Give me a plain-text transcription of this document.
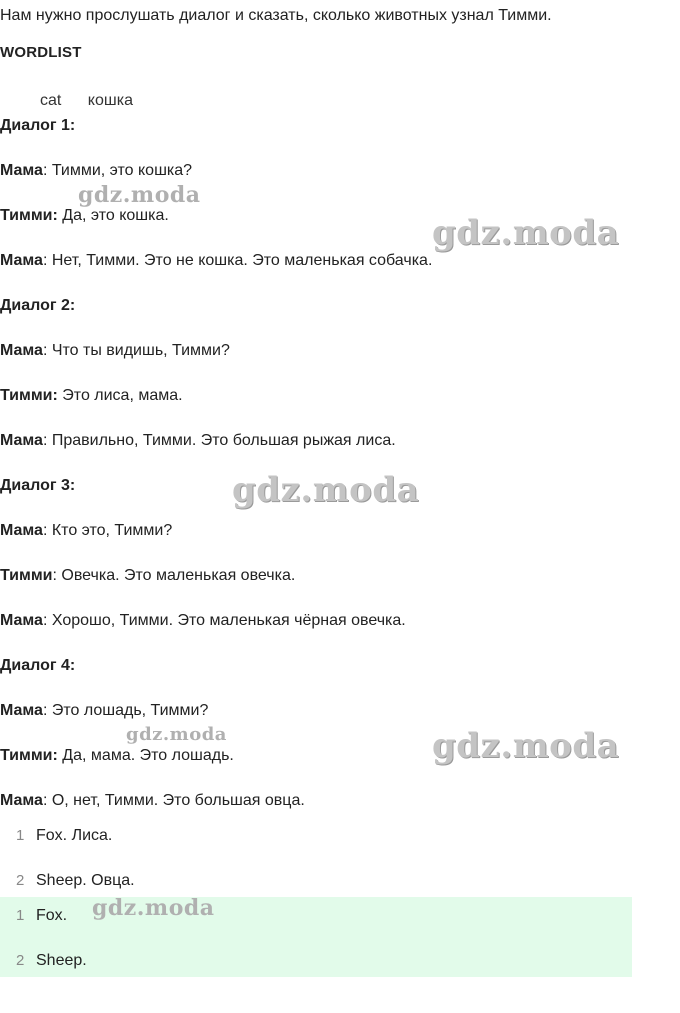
Нам нужно прослушать диалог и сказать, сколько животных узнал Тимми.
WORDLIST
cat кошка
Диалог 1:
Мама: Тимми, это кошка?
Тимми: Да, это кошка.
Мама: Нет, Тимми. Это не кошка. Это маленькая собачка.
Диалог 2:
Мама: Что ты видишь, Тимми?
Тимми: Это лиса, мама.
Мама: Правильно, Тимми. Это большая рыжая лиса.
Диалог 3:
Мама: Кто это, Тимми?
Тимми: Овечка. Это маленькая овечка.
Мама: Хорошо, Тимми. Это маленькая чёрная овечка.
Диалог 4:
Мама: Это лошадь, Тимми?
Тимми: Да, мама. Это лошадь.
Мама: О, нет, Тимми. Это большая овца.
1 Fox. Лиса.
2 Sheep. Овца.
1 Fox.
2 Sheep.
gdz.moda
gdz.moda
gdz.moda
gdz.moda	gdz.moda
gdz.moda
